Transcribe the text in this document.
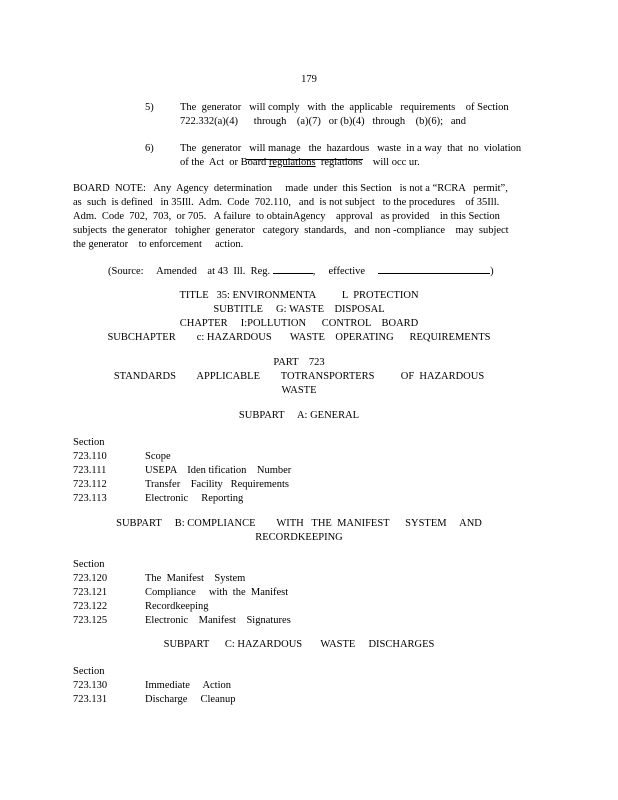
179
5)	The  generator   will comply   with  the  applicable   requirements    of Section
722.332(a)(4)      through    (a)(7)   or (b)(4)   through    (b)(6);   and
6)	The  generator   will manage   the  hazardous   waste  in a way  that  no  violation
of the  Act  or Board regulations  reglations    will occ ur.
BOARD  NOTE:   Any  Agency  determination     made  under  this Section   is not a “RCRA   permit”,
as  such  is defined   in 35Ill.  Adm.  Code  702.110,   and  is not subject   to the procedures    of 35Ill.
Adm.  Code  702,  703,  or 705.   A failure  to obtainAgency    approval   as provided    in this Section
subjects  the generator   tohigher  generator   category  standards,   and  non -compliance    may  subject
the generator    to enforcement     action.
(Source:     Amended    at 43  Ill.  Reg.	,     effective	)
TITLE   35: ENVIRONMENTA          L  PROTECTION
SUBTITLE     G: WASTE    DISPOSAL
CHAPTER     I:POLLUTION      CONTROL    BOARD
SUBCHAPTER        c: HAZARDOUS       WASTE    OPERATING      REQUIREMENTS
PART    723
STANDARDS        APPLICABLE        TOTRANSPORTERS          OF  HAZARDOUS
WASTE
SUBPART     A: GENERAL
Section
723.110	Scope
723.111	USEPA    Iden tification    Number
723.112	Transfer    Facility   Requirements
723.113	Electronic     Reporting
SUBPART     B: COMPLIANCE        WITH   THE  MANIFEST      SYSTEM     AND
RECORDKEEPING
Section
723.120	The  Manifest    System
723.121	Compliance     with  the  Manifest
723.122	Recordkeeping
723.125	Electronic    Manifest    Signatures
SUBPART      C: HAZARDOUS       WASTE     DISCHARGES
Section
723.130	Immediate     Action
723.131	Discharge     Cleanup
